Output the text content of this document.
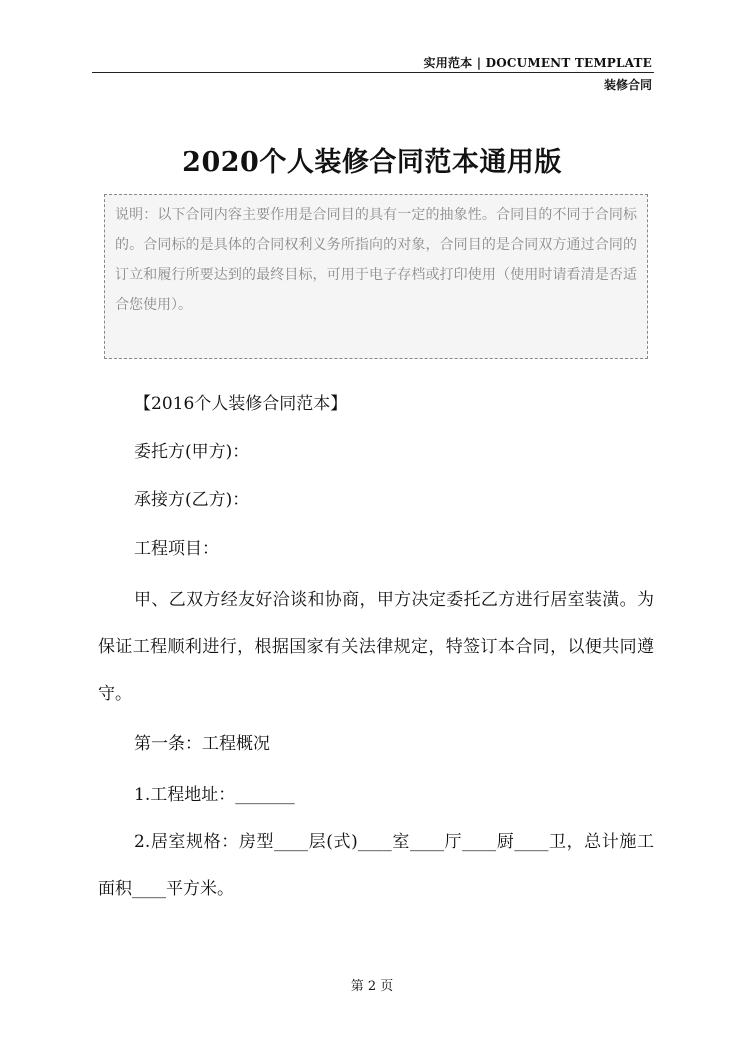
实用范本 | DOCUMENT TEMPLATE
装修合同
2020个人装修合同范本通用版
说明：以下合同内容主要作用是合同目的具有一定的抽象性。合同目的不同于合同标的。合同标的是具体的合同权利义务所指向的对象，合同目的是合同双方通过合同的订立和履行所要达到的最终目标，可用于电子存档或打印使用（使用时请看清是否适合您使用）。

【2016个人装修合同范本】

委托方(甲方)：

承接方(乙方)：

工程项目：

甲、乙双方经友好洽谈和协商，甲方决定委托乙方进行居室装潢。为保证工程顺利进行，根据国家有关法律规定，特签订本合同，以便共同遵守。

第一条：工程概况

1.工程地址：_______

2.居室规格：房型____层(式)____室____厅____厨____卫，总计施工面积____平方米。

第 2 页
